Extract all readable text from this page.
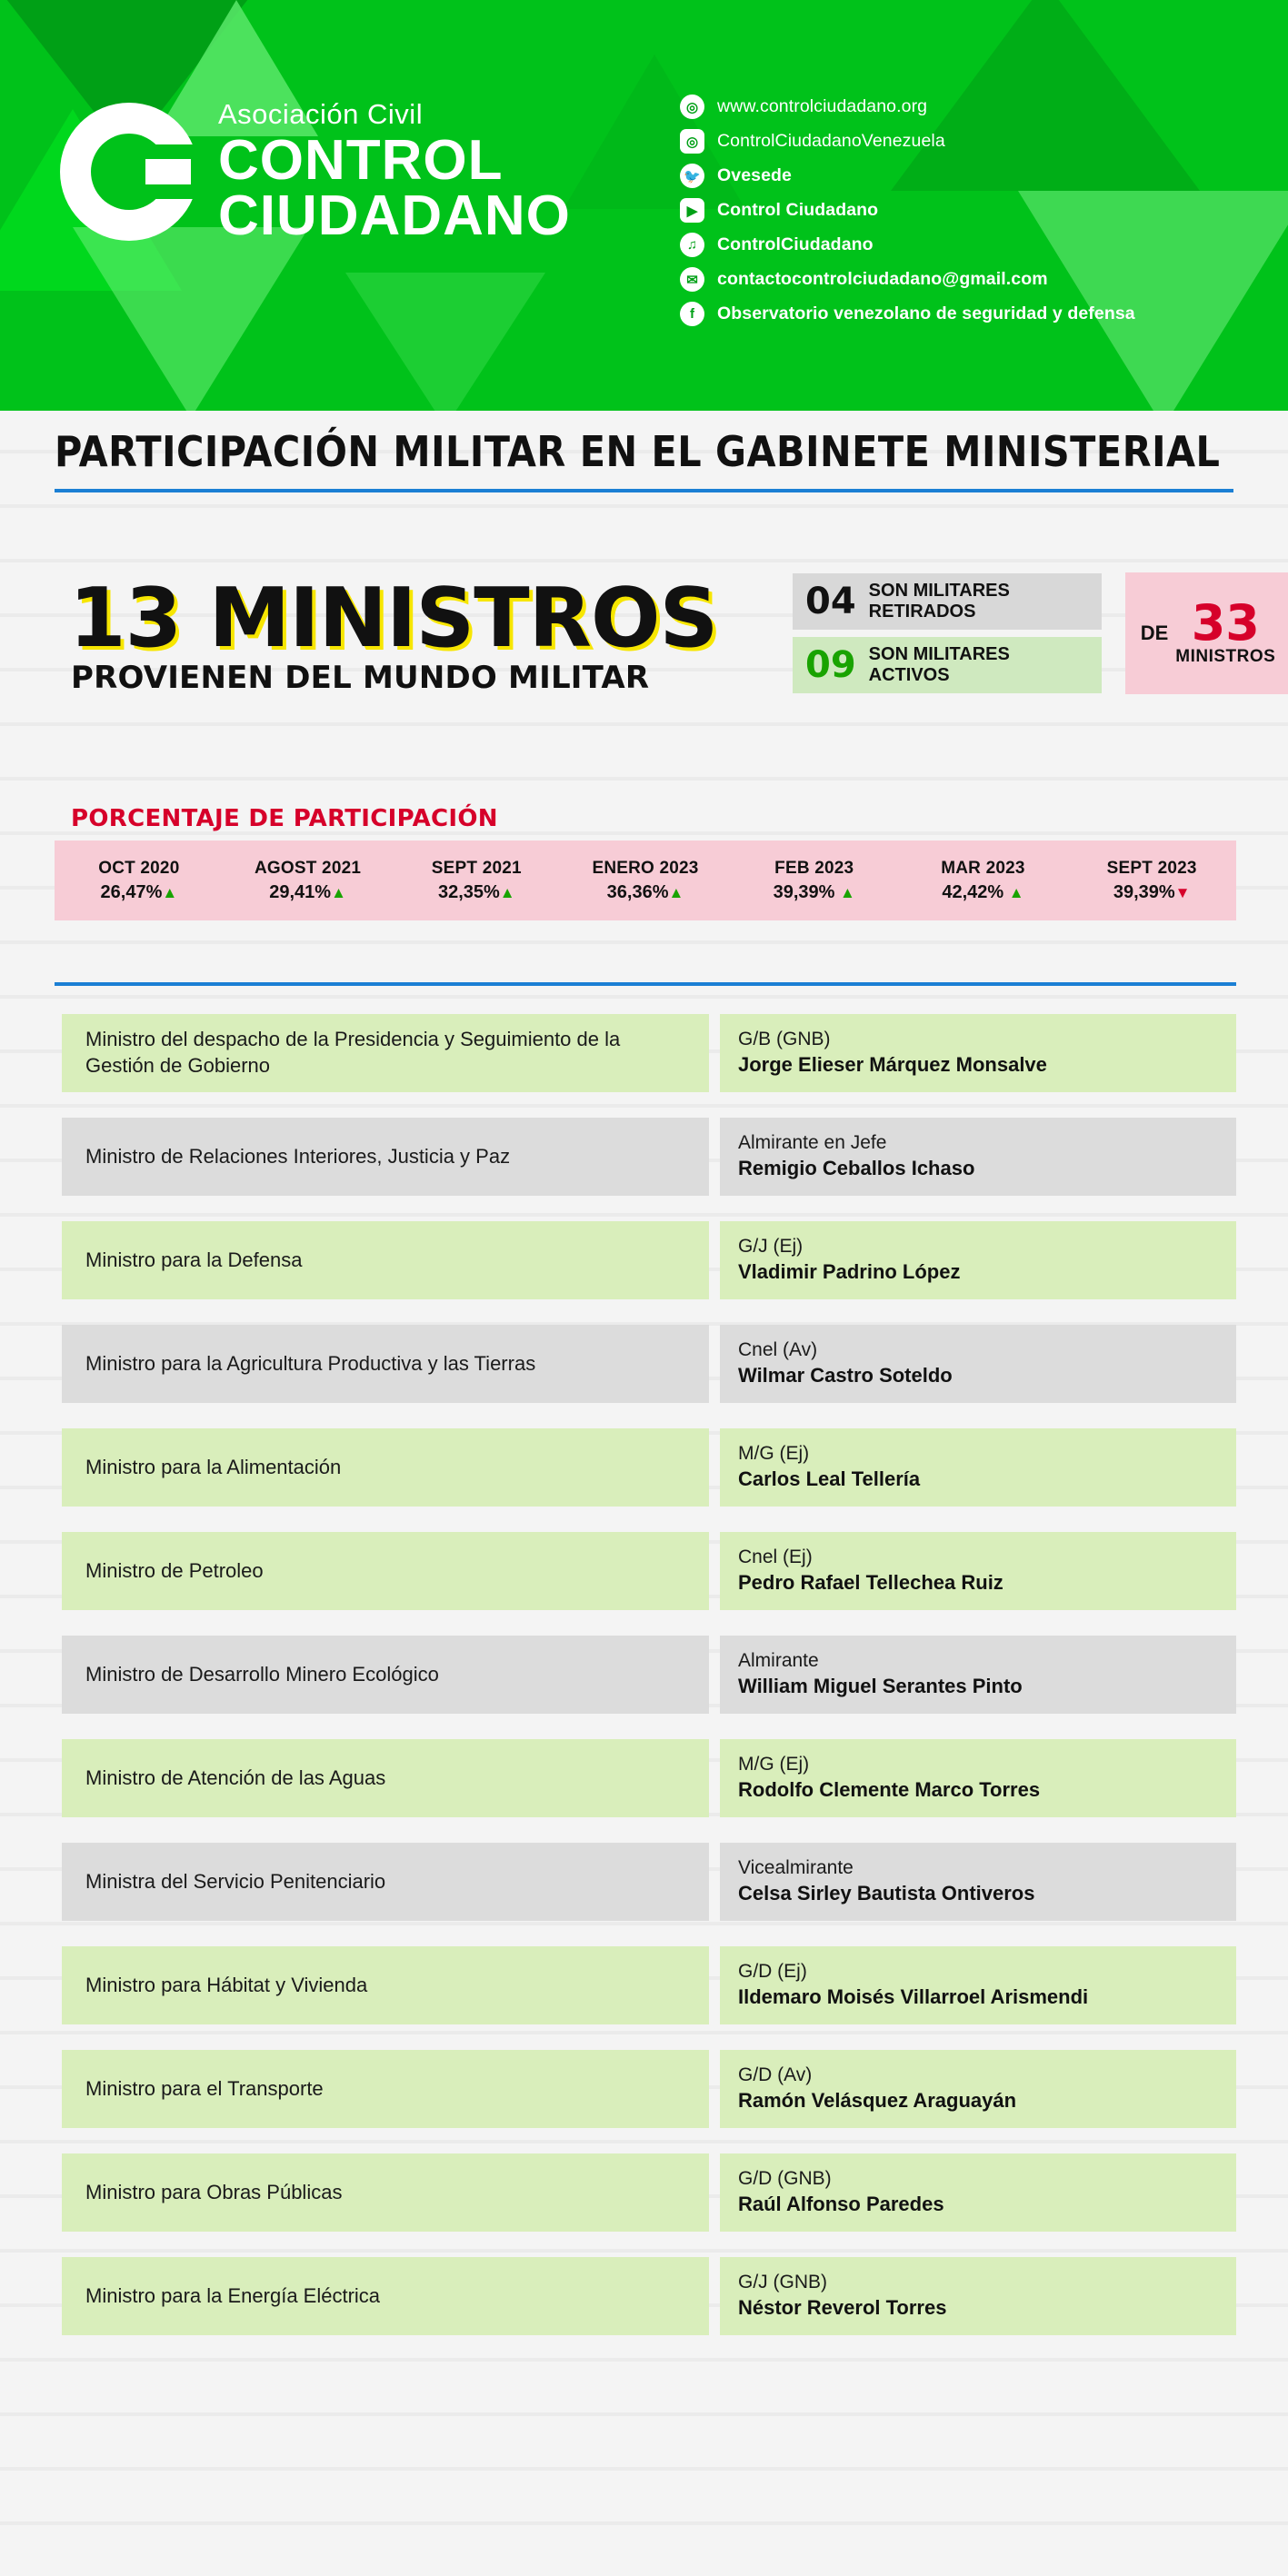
Asociación Civil
CONTROL
CIUDADANO
◎	www.controlciudadano.org
◎	ControlCiudadanoVenezuela
🐦 Ovesede
▶	Control Ciudadano
♫	ControlCiudadano
✉	contactocontrolciudadano@gmail.com
f	Observatorio venezolano de seguridad y defensa
PARTICIPACIÓN MILITAR EN EL GABINETE MINISTERIAL
13 MINISTROS
PROVIENEN DEL MUNDO MILITAR
04 SON MILITARES
RETIRADOS
09 SON MILITARES
ACTIVOS
DE 33
MINISTROS
PORCENTAJE DE PARTICIPACIÓN
OCT 2020
26,47%▲
AGOST 2021
29,41%▲
SEPT 2021
32,35%▲
ENERO 2023
36,36%▲
FEB 2023
39,39% ▲
MAR 2023
42,42% ▲
SEPT 2023
39,39%▼
Ministro del despacho de la Presidencia y Seguimiento de la Gestión de Gobierno
G/B (GNB)
Jorge Elieser Márquez Monsalve
Ministro de Relaciones Interiores, Justicia y Paz
Almirante en Jefe
Remigio Ceballos Ichaso
Ministro para la Defensa
G/J (Ej)
Vladimir Padrino López
Ministro para la Agricultura Productiva y las Tierras
Cnel (Av)
Wilmar Castro Soteldo
Ministro para la Alimentación
M/G (Ej)
Carlos Leal Tellería
Ministro de Petroleo
Cnel (Ej)
Pedro Rafael Tellechea Ruiz
Ministro de Desarrollo Minero Ecológico
Almirante
William Miguel Serantes Pinto
Ministro de Atención de las Aguas
M/G (Ej)
Rodolfo Clemente Marco Torres
Ministra del Servicio Penitenciario
Vicealmirante
Celsa Sirley Bautista Ontiveros
Ministro para Hábitat y Vivienda
G/D (Ej)
Ildemaro Moisés Villarroel Arismendi
Ministro para el Transporte
G/D (Av)
Ramón Velásquez Araguayán
Ministro para Obras Públicas
G/D (GNB)
Raúl Alfonso Paredes
Ministro para la Energía Eléctrica
G/J (GNB)
Néstor Reverol Torres
